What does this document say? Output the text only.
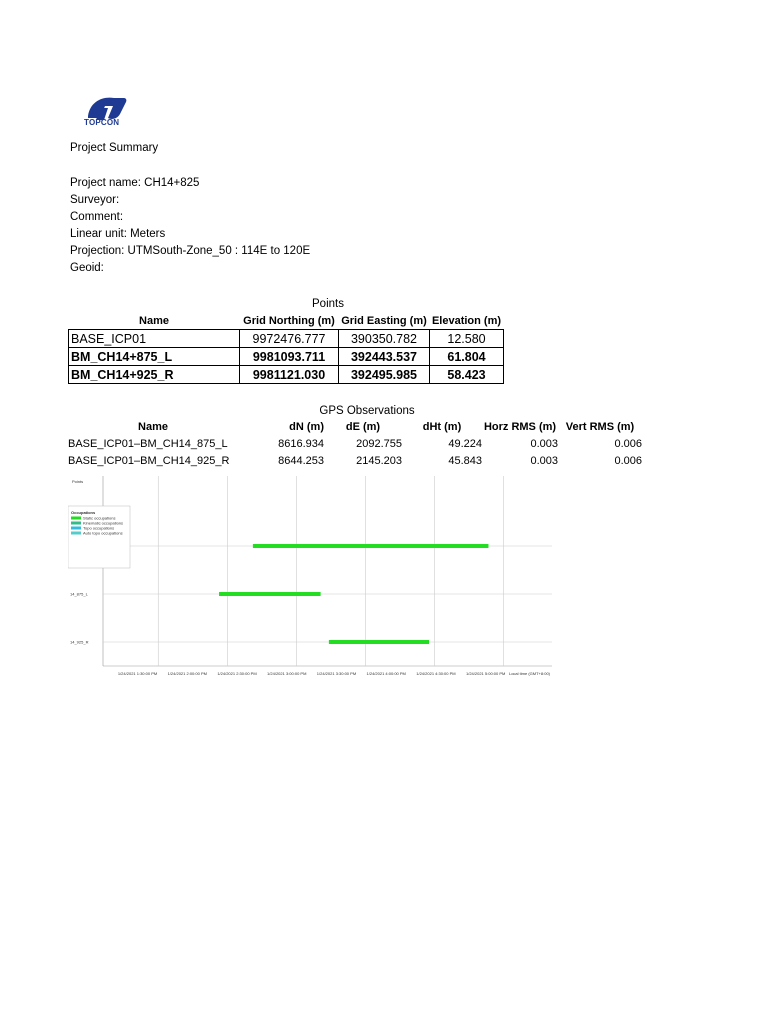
TOPCON
Project Summary
Project name: CH14+825
Surveyor:
Comment:
Linear unit: Meters
Projection: UTMSouth-Zone_50 : 114E to 120E
Geoid:
Points
Name	Grid Northing (m)	Grid Easting (m)	Elevation (m)
BASE_ICP01	9972476.777	390350.782	12.580
BM_CH14+875_L	9981093.711	392443.537	61.804
BM_CH14+925_R	9981121.030	392495.985	58.423
GPS Observations
Name	dN (m)	dE (m)	dHt (m)	Horz RMS (m)	Vert RMS (m)
BASE_ICP01–BM_CH14_875_L	8616.934	2092.755	49.224	0.003	0.006
BASE_ICP01–BM_CH14_925_R	8644.253	2145.203	45.843	0.003	0.006
14_875_L
14_925_R
1/24/2021 1:30:00 PM	1/24/2021 2:00:00 PM	1/24/2021 2:30:00 PM	1/24/2021 3:00:00 PM	1/24/2021 3:30:00 PM	1/24/2021 4:00:00 PM	1/24/2021 4:30:00 PM	1/24/2021 5:00:00 PM
Points
Occupations
Static occupations
Kinematic occupations
Topo occupations
Auto topo occupations
Local time (GMT+8:00)
